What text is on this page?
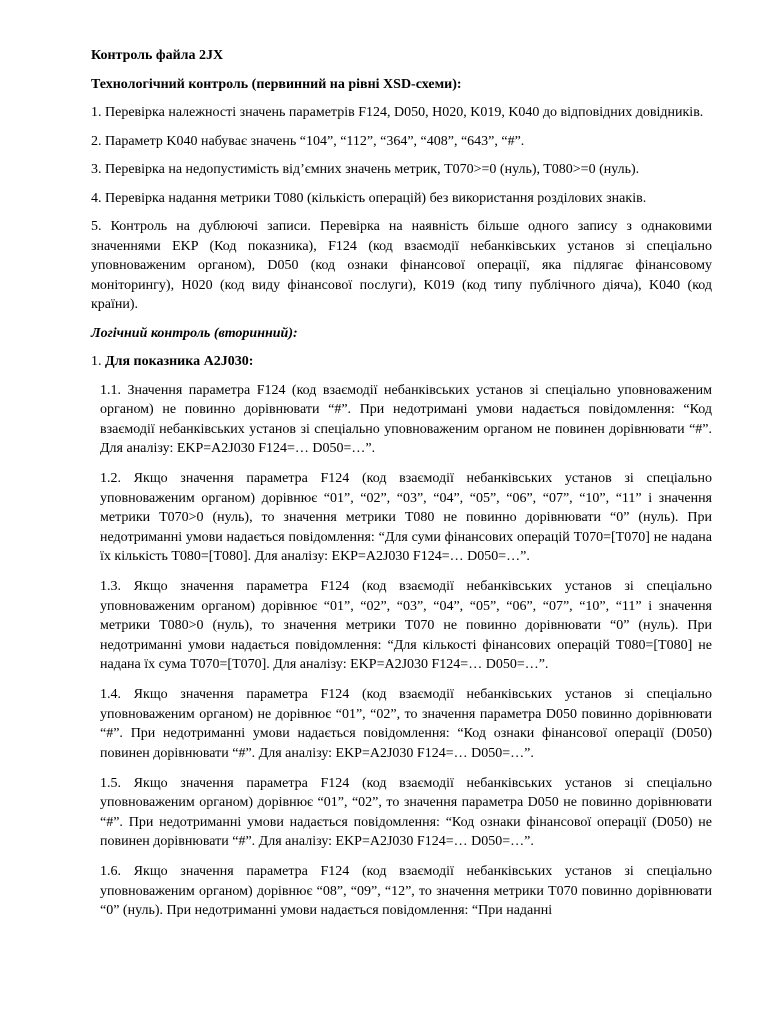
Контроль файла 2JX

Технологічний контроль (первинний на рівні XSD-схеми):

1. Перевірка належності значень параметрів F124, D050, H020, K019, K040 до відповідних довідників.

2. Параметр K040 набуває значень “104”, “112”, “364”, “408”, “643”, “#”.

3. Перевірка на недопустимість від’ємних значень метрик, T070>=0 (нуль), T080>=0 (нуль).

4. Перевірка надання метрики T080 (кількість операцій) без використання розділових знаків.

5. Контроль на дублюючі записи. Перевірка на наявність більше одного запису з однаковими значеннями EKP (Код показника), F124 (код взаємодії небанківських установ зі спеціально уповноваженим органом), D050 (код ознаки фінансової операції, яка підлягає фінансовому моніторингу), H020 (код виду фінансової послуги), K019 (код типу публічного діяча), K040 (код країни).

Логічний контроль (вторинний):

1. Для показника A2J030:

1.1. Значення параметра F124 (код взаємодії небанківських установ зі спеціально уповноваженим органом) не повинно дорівнювати “#”. При недотримані умови надається повідомлення: “Код взаємодії небанківських установ зі спеціально уповноваженим органом не повинен дорівнювати “#”. Для аналізу: EKP=A2J030 F124=… D050=…”.

1.2. Якщо значення параметра F124 (код взаємодії небанківських установ зі спеціально уповноваженим органом) дорівнює “01”, “02”, “03”, “04”, “05”, “06”, “07”, “10”, “11” і значення метрики T070>0 (нуль), то значення метрики T080 не повинно дорівнювати “0” (нуль). При недотриманні умови надається повідомлення: “Для суми фінансових операцій T070=[T070] не надана їх кількість T080=[T080]. Для аналізу: EKP=A2J030 F124=… D050=…”.

1.3. Якщо значення параметра F124 (код взаємодії небанківських установ зі спеціально уповноваженим органом) дорівнює “01”, “02”, “03”, “04”, “05”, “06”, “07”, “10”, “11” і значення метрики T080>0 (нуль), то значення метрики T070 не повинно дорівнювати “0” (нуль). При недотриманні умови надається повідомлення: “Для кількості фінансових операцій T080=[T080] не надана їх сума T070=[T070]. Для аналізу: EKP=A2J030 F124=… D050=…”.

1.4. Якщо значення параметра F124 (код взаємодії небанківських установ зі спеціально уповноваженим органом) не дорівнює “01”, “02”, то значення параметра D050 повинно дорівнювати “#”. При недотриманні умови надається повідомлення: “Код ознаки фінансової операції (D050) повинен дорівнювати “#”. Для аналізу: EKP=A2J030 F124=… D050=…”.

1.5. Якщо значення параметра F124 (код взаємодії небанківських установ зі спеціально уповноваженим органом) дорівнює “01”, “02”, то значення параметра D050 не повинно дорівнювати “#”. При недотриманні умови надається повідомлення: “Код ознаки фінансової операції (D050) не повинен дорівнювати “#”. Для аналізу: EKP=A2J030 F124=… D050=…”.

1.6. Якщо значення параметра F124 (код взаємодії небанківських установ зі спеціально уповноваженим органом) дорівнює “08”, “09”, “12”, то значення метрики T070 повинно дорівнювати “0” (нуль). При недотриманні умови надається повідомлення: “При наданні
